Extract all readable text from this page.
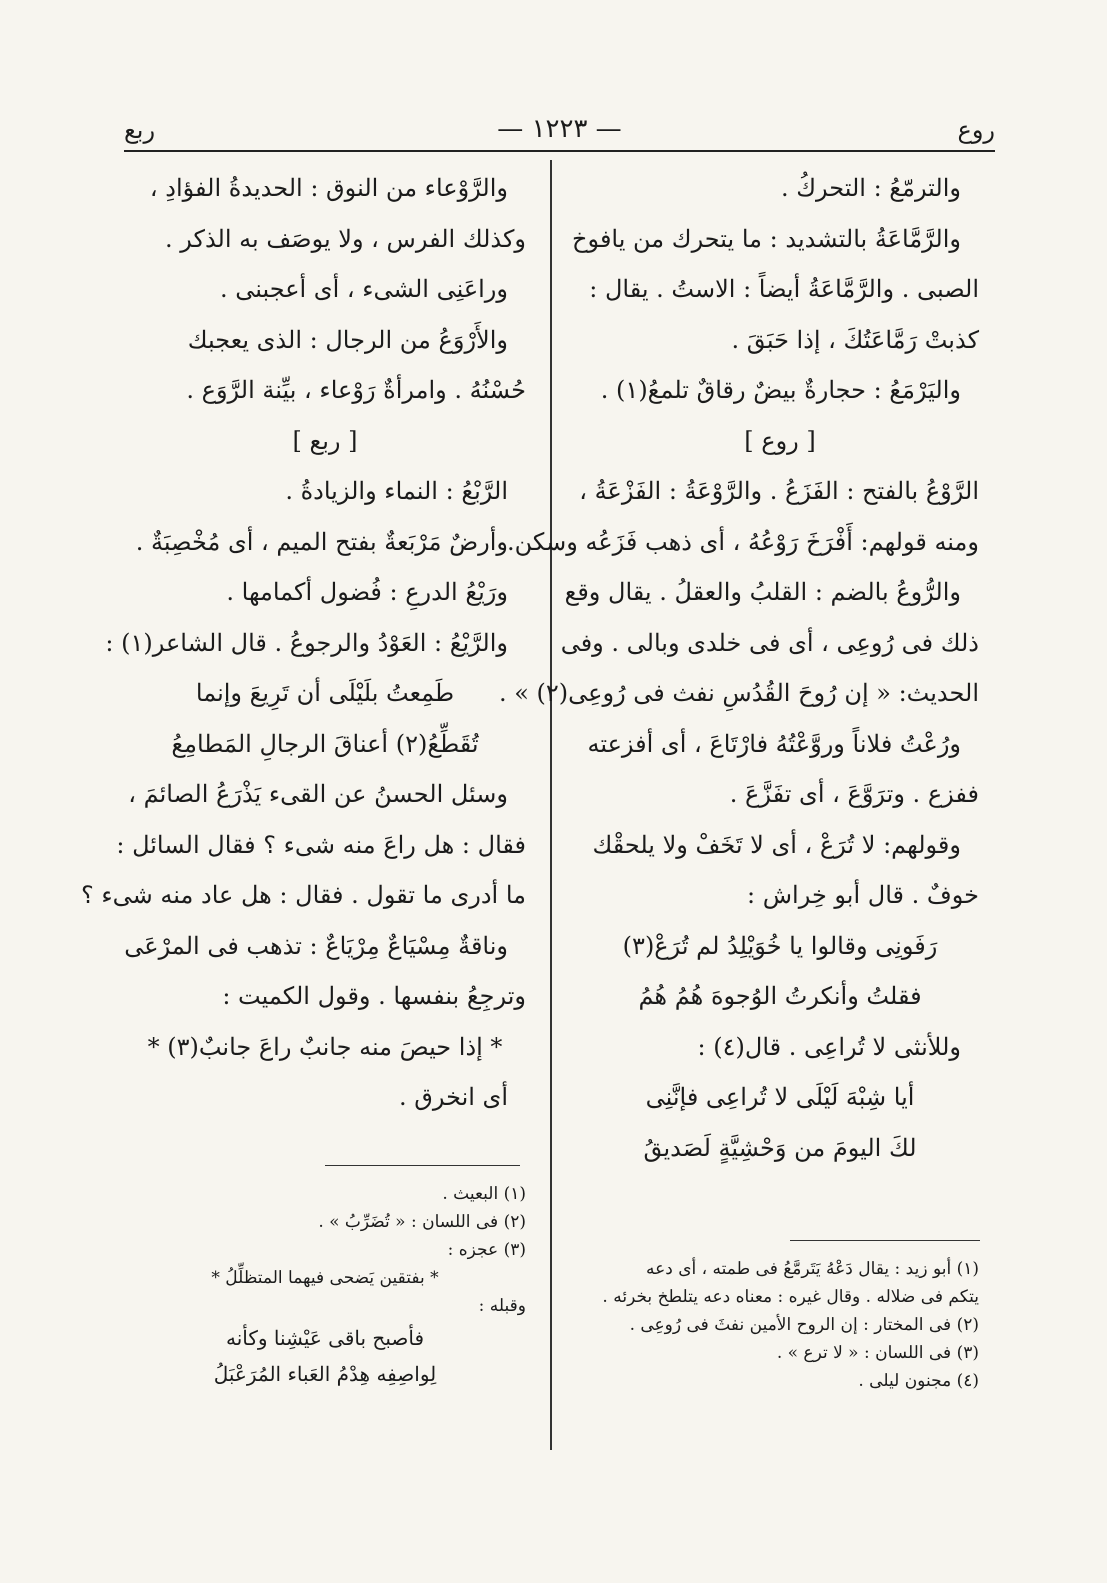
روع
— ١٢٢٣ —
ربع
والترمّعُ : التحركُ .
والرَّمَّاعَةُ بالتشديد : ما يتحرك من يافوخ
الصبى . والرَّمَّاعَةُ أيضاً : الاستُ . يقال :
كذبتْ رَمَّاعَتُكَ ، إذا حَبَقَ .
واليَرْمَعُ : حجارةٌ بيضٌ رقاقٌ تلمعُ(١) .
[ روع ]
الرَّوْعُ بالفتح : الفَزَعُ . والرَّوْعَةُ : الفَزْعَةُ ،
ومنه قولهم: أَفْرَخَ رَوْعُهُ ، أى ذهب فَزَعُه وسكن.
والرُّوعُ بالضم : القلبُ والعقلُ . يقال وقع
ذلك فى رُوعِى ، أى فى خلدى وبالى . وفى
الحديث: « إن رُوحَ القُدُسِ نفث فى رُوعِى(٢) » .
ورُعْتُ فلاناً وروَّعْتُهُ فارْتَاعَ ، أى أفزعته
ففزع . وترَوَّعَ ، أى تفَزَّعَ .
وقولهم: لا تُرَعْ ، أى لا تَخَفْ ولا يلحقْك
خوفٌ . قال أبو خِراش :
رَفَونِى وقالوا يا خُوَيْلِدُ لم تُرَعْ(٣)
فقلتُ وأنكرتُ الوُجوهَ هُمُ هُمُ
وللأنثى لا تُراعِى . قال(٤) :
أيا شِبْهَ لَيْلَى لا تُراعِى فإنَّنِى
لكَ اليومَ من وَحْشِيَّةٍ لَصَديقُ
والرَّوْعاء من النوق : الحديدةُ الفؤادِ ،
وكذلك الفرس ، ولا يوصَف به الذكر .
وراعَنِى الشىء ، أى أعجبنى .
والأَرْوَعُ من الرجال : الذى يعجبك
حُسْنُهُ . وامرأةٌ رَوْعاء ، بيِّنة الرَّوَع .
[ ربع ]
الرَّبْعُ : النماء والزيادةُ .
وأرضٌ مَرْبَعةٌ بفتح الميم ، أى مُخْصِبَةٌ .
ورَيْعُ الدرعِ : فُضول أكمامها .
والرَّيْعُ : العَوْدُ والرجوعُ . قال الشاعر(١) :
طَمِعتُ بلَيْلَى أن تَرِيعَ وإنما
تُقَطِّعُ(٢) أعناقَ الرجالِ المَطامِعُ
وسئل الحسنُ عن القىء يَذْرَعُ الصائمَ ،
فقال : هل راعَ منه شىء ؟ فقال السائل :
ما أدرى ما تقول . فقال : هل عاد منه شىء ؟
وناقةٌ مِسْيَاعٌ مِرْيَاعٌ : تذهب فى المرْعَى
وترجِعُ بنفسها . وقول الكميت :
* إذا حيصَ منه جانبٌ راعَ جانبٌ(٣) *
أى انخرق .
(١) أبو زيد : يقال دَعْهُ يَتَرمَّعُ فى طمته ، أى دعه
يتكم فى ضلاله . وقال غيره : معناه دعه يتلطخ بخرئه .
(٢) فى المختار : إن الروح الأمين نفثَ فى رُوعِى .
(٣) فى اللسان : « لا ترع » .
(٤) مجنون ليلى .
(١) البعيث .
(٢) فى اللسان : « تُضَرِّبُ » .
(٣) عجزه :
* بفتقين يَضحى فيهما المتظلِّلُ *
وقبله :
فأصبح باقى عَيْشِنا وكأنه
لِواصِفِه هِدْمُ العَباء المُرَعْبَلُ
